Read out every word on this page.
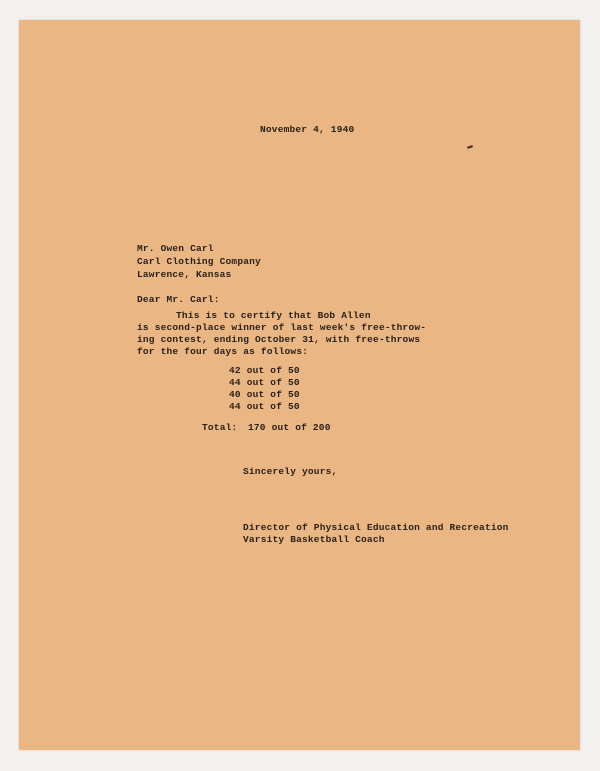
November 4, 1940

Mr. Owen Carl

Carl Clothing Company

Lawrence, Kansas

Dear Mr. Carl:

This is to certify that Bob Allen

is second-place winner of last week's free-throw-

ing contest, ending October 31, with free-throws

for the four days as follows:

42 out of 50

44 out of 50

40 out of 50

44 out of 50

Total: 170 out of 200

Sincerely yours,

Director of Physical Education and Recreation

Varsity Basketball Coach
